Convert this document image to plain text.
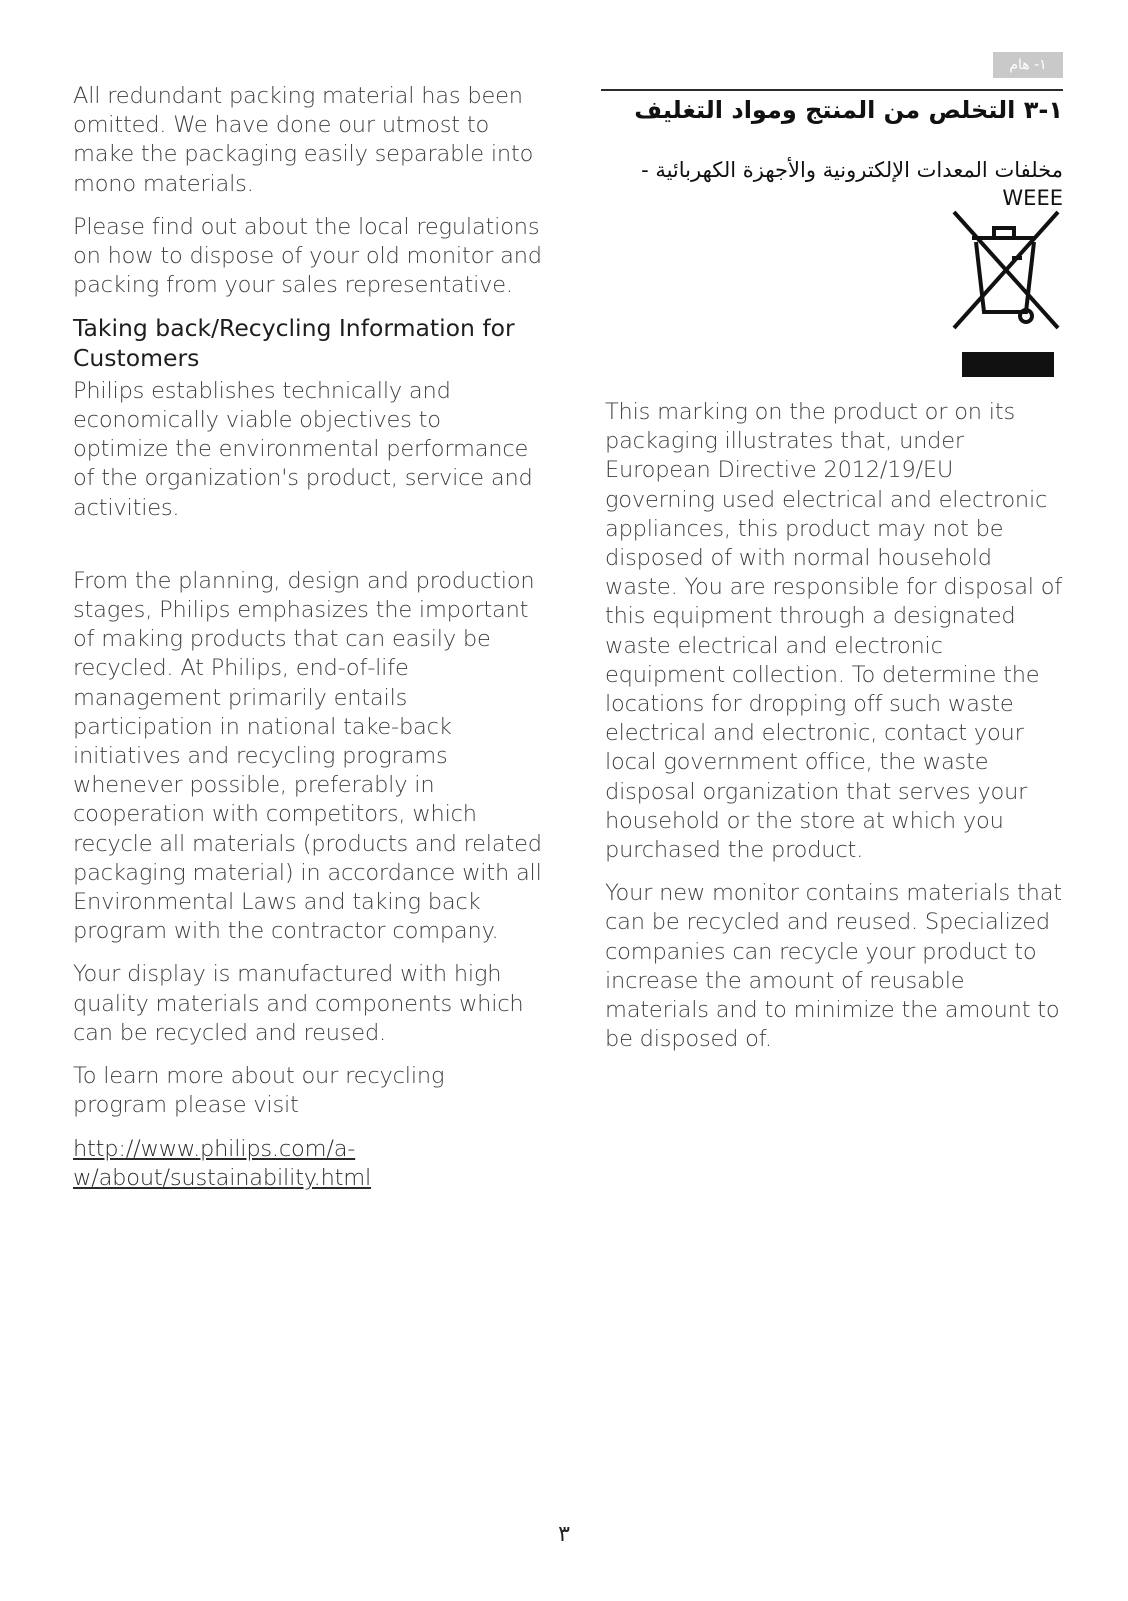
١- هام
١-٣ التخلص من المنتج ومواد التغليف
مخلفات المعدات الإلكترونية والأجهزة الكهربائية - WEEE

All redundant packing material has been omitted. We have done our utmost to make the packaging easily separable into mono materials.

Please find out about the local regulations on how to dispose of your old monitor and packing from your sales representative.

Taking back/Recycling Information for Customers

Philips establishes technically and economically viable objectives to optimize the environmental performance of the organization's product, service and activities.

From the planning, design and production stages, Philips emphasizes the important of making products that can easily be recycled. At Philips, end-of-life management primarily entails participation in national take-back initiatives and recycling programs whenever possible, preferably in cooperation with competitors, which recycle all materials (products and related packaging material) in accordance with all Environmental Laws and taking back program with the contractor company.

Your display is manufactured with high quality materials and components which can be recycled and reused.

To learn more about our recycling program please visit

http://www.philips.com/a-w/about/sustainability.html

This marking on the product or on its packaging illustrates that, under European Directive 2012/19/EU governing used electrical and electronic appliances, this product may not be disposed of with normal household waste. You are responsible for disposal of this equipment through a designated waste electrical and electronic equipment collection. To determine the locations for dropping off such waste electrical and electronic, contact your local government office, the waste disposal organization that serves your household or the store at which you purchased the product.

Your new monitor contains materials that can be recycled and reused. Specialized companies can recycle your product to increase the amount of reusable materials and to minimize the amount to be disposed of.

٣
